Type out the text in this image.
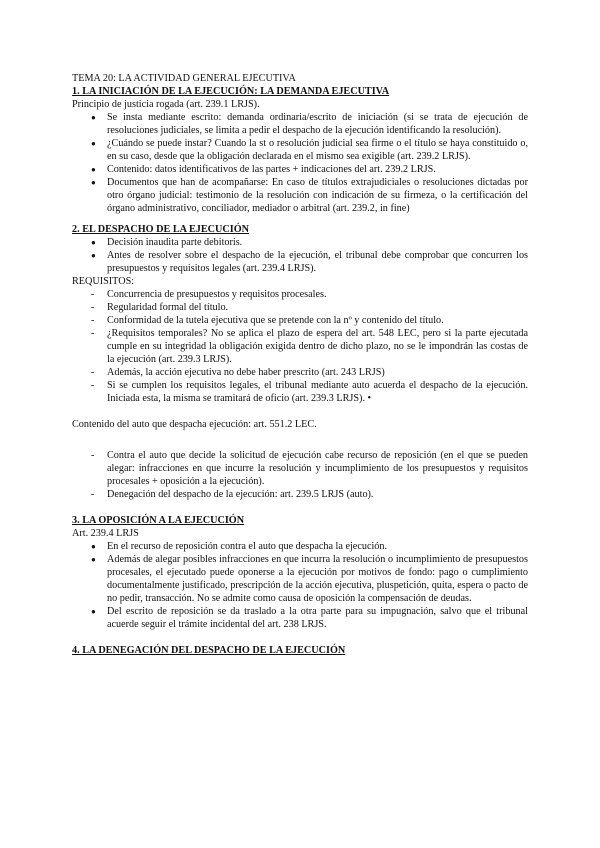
TEMA 20: LA ACTIVIDAD GENERAL EJECUTIVA

1. LA INICIACIÓN DE LA EJECUCIÓN: LA DEMANDA EJECUTIVA

Principio de justicia rogada (art. 239.1 LRJS).

● Se insta mediante escrito: demanda ordinaria/escrito de iniciación (si se trata de ejecución de resoluciones judiciales, se limita a pedir el despacho de la ejecución identificando la resolución).
● ¿Cuándo se puede instar? Cuando la st o resolución judicial sea firme o el título se haya constituido o, en su caso, desde que la obligación declarada en el mismo sea exigible (art. 239.2 LRJS).
● Contenido: datos identificativos de las partes + indicaciones del art. 239.2 LRJS.
● Documentos que han de acompañarse: En caso de títulos extrajudiciales o resoluciones dictadas por otro órgano judicial: testimonio de la resolución con indicación de su firmeza, o la certificación del órgano administrativo, conciliador, mediador o arbitral (art. 239.2, in fine)

2. EL DESPACHO DE LA EJECUCIÓN

● Decisión inaudita parte debitoris.
● Antes de resolver sobre el despacho de la ejecución, el tribunal debe comprobar que concurren los presupuestos y requisitos legales (art. 239.4 LRJS).

REQUISITOS:

- Concurrencia de presupuestos y requisitos procesales.
- Regularidad formal del título.
- Conformidad de la tutela ejecutiva que se pretende con la nº y contenido del título.
- ¿Requisitos temporales? No se aplica el plazo de espera del art. 548 LEC, pero si la parte ejecutada cumple en su integridad la obligación exigida dentro de dicho plazo, no se le impondrán las costas de la ejecución (art. 239.3 LRJS).
- Además, la acción ejecutiva no debe haber prescrito (art. 243 LRJS)
- Si se cumplen los requisitos legales, el tribunal mediante auto acuerda el despacho de la ejecución. Iniciada esta, la misma se tramitará de oficio (art. 239.3 LRJS). •

Contenido del auto que despacha ejecución: art. 551.2 LEC.

- Contra el auto que decide la solicitud de ejecución cabe recurso de reposición (en el que se pueden alegar: infracciones en que incurre la resolución y incumplimiento de los presupuestos y requisitos procesales + oposición a la ejecución).
- Denegación del despacho de la ejecución: art. 239.5 LRJS (auto).

3. LA OPOSICIÓN A LA EJECUCIÓN

Art. 239.4 LRJS

● En el recurso de reposición contra el auto que despacha la ejecución.
● Además de alegar posibles infracciones en que incurra la resolución o incumplimiento de presupuestos procesales, el ejecutado puede oponerse a la ejecución por motivos de fondo: pago o cumplimiento documentalmente justificado, prescripción de la acción ejecutiva, pluspetición, quita, espera o pacto de no pedir, transacción. No se admite como causa de oposición la compensación de deudas.
● Del escrito de reposición se da traslado a la otra parte para su impugnación, salvo que el tribunal acuerde seguir el trámite incidental del art. 238 LRJS.

4. LA DENEGACIÓN DEL DESPACHO DE LA EJECUCIÓN
